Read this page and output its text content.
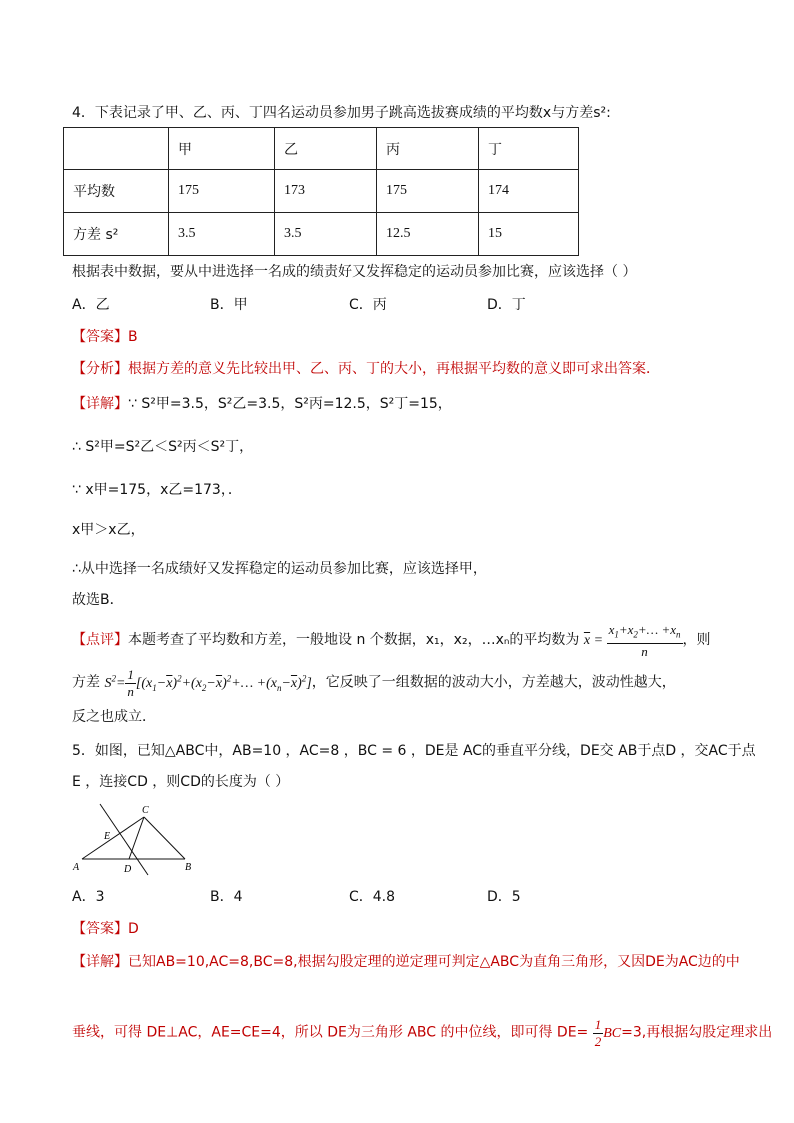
4．下表记录了甲、乙、丙、丁四名运动员参加男子跳高选拔赛成绩的平均数x与方差s²:
	甲	乙	丙	丁
平均数	175	173	175	174
方差 s²	3.5	3.5	12.5	15
根据表中数据，要从中进选择一名成的绩责好又发挥稳定的运动员参加比赛，应该选择（ ）
A．乙	B．甲	C．丙	D．丁
【答案】B
【分析】根据方差的意义先比较出甲、乙、丙、丁的大小，再根据平均数的意义即可求出答案．
【详解】∵ S²甲=3.5，S²乙=3.5，S²丙=12.5，S²丁=15，
∴ S²甲=S²乙＜S²丙＜S²丁，
∵ x甲=175，x乙=173，．
x甲＞x乙，
∴从中选择一名成绩好又发挥稳定的运动员参加比赛，应该选择甲，
故选B．
【点评】本题考查了平均数和方差，一般地设 n 个数据，x₁，x₂，…xₙ的平均数为 $\overline{x} = \frac{x_1+x_2+\dots +x_n}{n}$ ，则
方差 $S^2= \frac{1}{n}$ $[(x_1-\overline{x})^2+(x_2-\overline{x})^2+\dots +(x_n-\overline{x})^2]$，它反映了一组数据的波动大小，方差越大，波动性越大，
反之也成立．
5．如图，已知△ABC中，AB=10 ，AC=8 ，BC = 6 ，DE是 AC的垂直平分线，DE交 AB于点D ，交AC于点
E ，连接CD ，则CD的长度为（ ）
C
E
A	D	B
A．3	B．4	C．4.8	D．5
【答案】D
【详解】已知AB=10,AC=8,BC=8,根据勾股定理的逆定理可判定△ABC为直角三角形，又因DE为AC边的中
垂线，可得 DE⊥AC，AE=CE=4，所以 DE为三角形 ABC 的中位线，即可得 $DE= \frac{1}{2} BC=3$,再根据勾股定理求出
